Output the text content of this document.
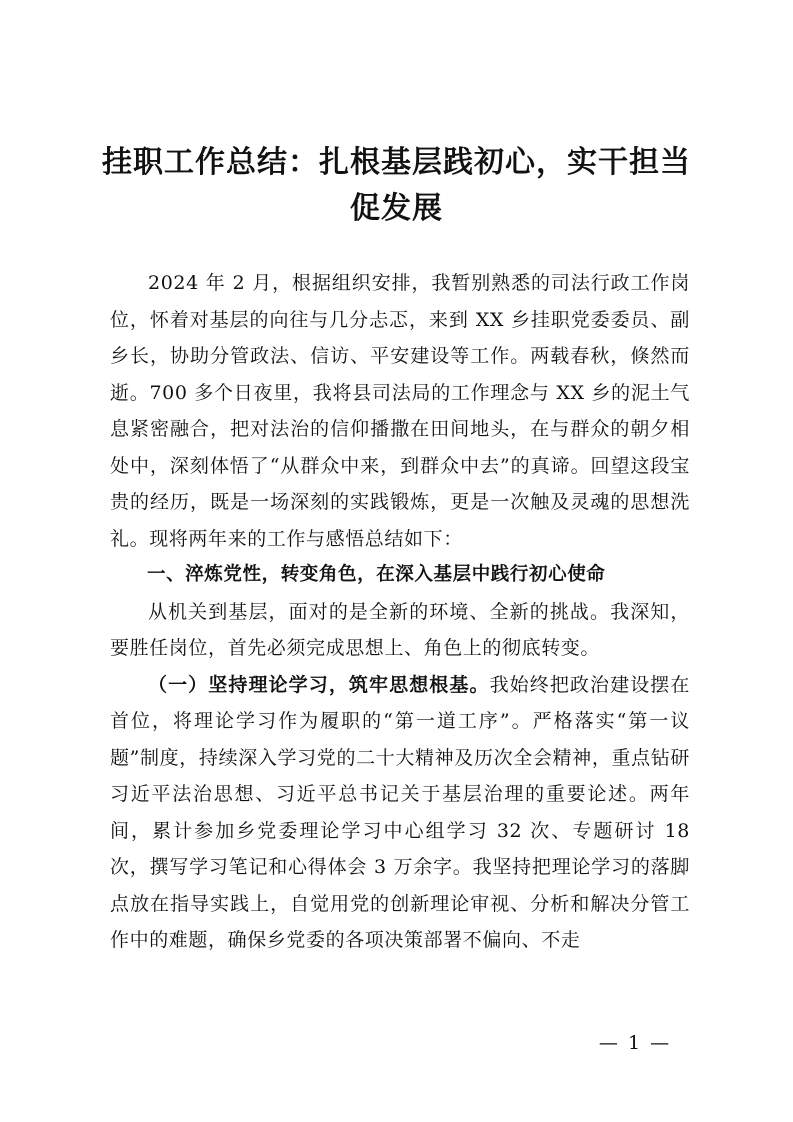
挂职工作总结：扎根基层践初心，实干担当促发展

2024 年 2 月，根据组织安排，我暂别熟悉的司法行政工作岗位，怀着对基层的向往与几分忐忑，来到 XX 乡挂职党委委员、副乡长，协助分管政法、信访、平安建设等工作。两载春秋，倏然而逝。700 多个日夜里，我将县司法局的工作理念与 XX 乡的泥土气息紧密融合，把对法治的信仰播撒在田间地头，在与群众的朝夕相处中，深刻体悟了“从群众中来，到群众中去”的真谛。回望这段宝贵的经历，既是一场深刻的实践锻炼，更是一次触及灵魂的思想洗礼。现将两年来的工作与感悟总结如下：

一、淬炼党性，转变角色，在深入基层中践行初心使命

从机关到基层，面对的是全新的环境、全新的挑战。我深知，要胜任岗位，首先必须完成思想上、角色上的彻底转变。

（一）坚持理论学习，筑牢思想根基。我始终把政治建设摆在首位，将理论学习作为履职的“第一道工序”。严格落实“第一议题”制度，持续深入学习党的二十大精神及历次全会精神，重点钻研习近平法治思想、习近平总书记关于基层治理的重要论述。两年间，累计参加乡党委理论学习中心组学习 32 次、专题研讨 18 次，撰写学习笔记和心得体会 3 万余字。我坚持把理论学习的落脚点放在指导实践上，自觉用党的创新理论审视、分析和解决分管工作中的难题，确保乡党委的各项决策部署不偏向、不走

— 1 —
